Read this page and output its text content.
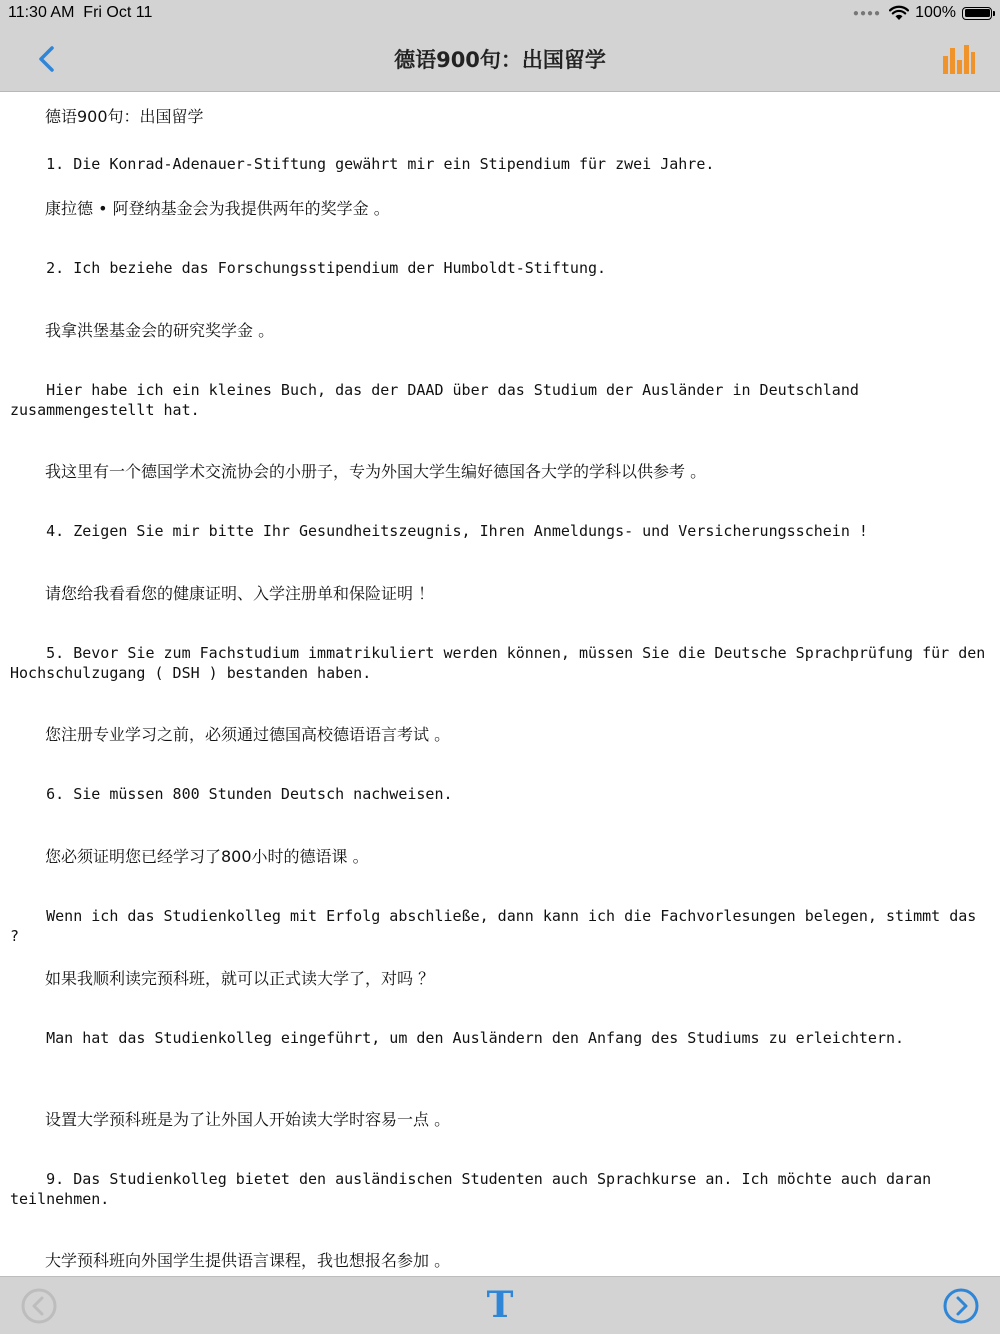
11:30 AM  Fri Oct 11	●●●● 100%
德语900句：出国留学
德语900句：出国留学

1. Die Konrad-Adenauer-Stiftung gewährt mir ein Stipendium für zwei Jahre.

康拉德 • 阿登纳基金会为我提供两年的奖学金 。

2. Ich beziehe das Forschungsstipendium der Humboldt-Stiftung.

我拿洪堡基金会的研究奖学金 。

Hier habe ich ein kleines Buch, das der DAAD über das Studium der Ausländer in Deutschland zusammengestellt hat.

我这里有一个德国学术交流协会的小册子，专为外国大学生编好德国各大学的学科以供参考 。

4. Zeigen Sie mir bitte Ihr Gesundheitszeugnis, Ihren Anmeldungs- und Versicherungsschein !

请您给我看看您的健康证明、入学注册单和保险证明 ！

5. Bevor Sie zum Fachstudium immatrikuliert werden können, müssen Sie die Deutsche Sprachprüfung für den Hochschulzugang ( DSH ) bestanden haben.

您注册专业学习之前，必须通过德国高校德语语言考试 。

6. Sie müssen 800 Stunden Deutsch nachweisen.

您必须证明您已经学习了800小时的德语课 。

Wenn ich das Studienkolleg mit Erfolg abschließe, dann kann ich die Fachvorlesungen belegen, stimmt das ?

如果我顺利读完预科班，就可以正式读大学了，对吗 ？

Man hat das Studienkolleg eingeführt, um den Ausländern den Anfang des Studiums zu erleichtern.

设置大学预科班是为了让外国人开始读大学时容易一点 。

9. Das Studienkolleg bietet den ausländischen Studenten auch Sprachkurse an. Ich möchte auch daran teilnehmen.

大学预科班向外国学生提供语言课程，我也想报名参加 。
T
